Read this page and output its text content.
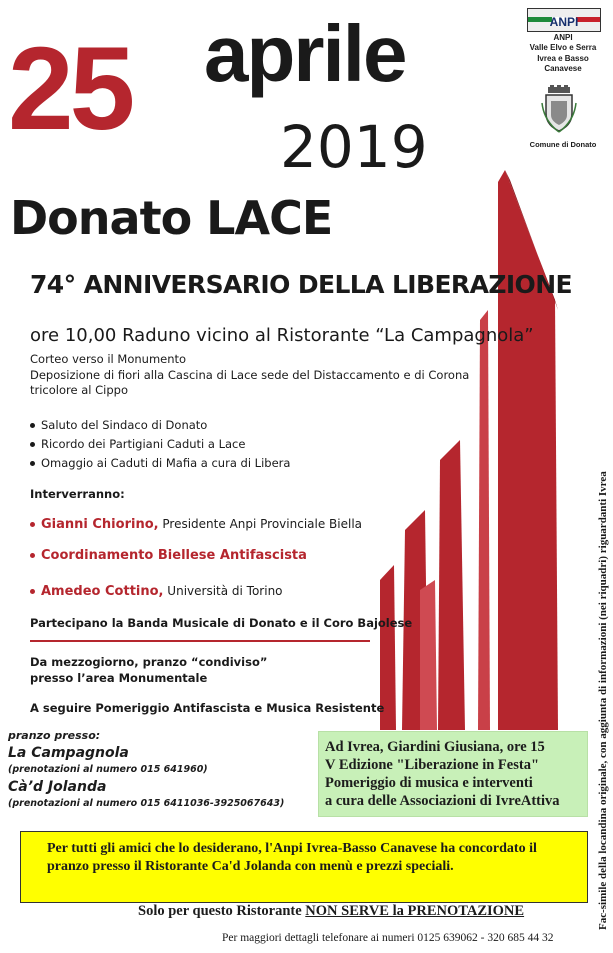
ANPI
ANPI
Valle Elvo e Serra
Ivrea e Basso Canavese
Comune di Donato
25 aprile
2019
Donato LACE
74° ANNIVERSARIO DELLA LIBERAZIONE
ore 10,00 Raduno vicino al Ristorante “La Campagnola”
Corteo verso il Monumento
Deposizione di fiori alla Cascina di Lace sede del Distaccamento e di Corona tricolore al Cippo
Saluto del Sindaco di Donato
Ricordo dei Partigiani Caduti a Lace
Omaggio ai Caduti di Mafia a cura di Libera
Interverranno:
Gianni Chiorino, Presidente Anpi Provinciale Biella
Coordinamento Biellese Antifascista
Amedeo Cottino, Università di Torino
Partecipano la Banda Musicale di Donato e il Coro Bajolese
Da mezzogiorno, pranzo “condiviso”
presso l’area Monumentale
A seguire Pomeriggio Antifascista e Musica Resistente
pranzo presso:
La Campagnola
(prenotazioni al numero 015 641960)
Cà’d Jolanda
(prenotazioni al numero 015 6411036-3925067643)
Ad Ivrea, Giardini Giusiana, ore 15
V Edizione "Liberazione in Festa"
Pomeriggio di musica e interventi
a cura delle Associazioni di IvreAttiva
Per tutti gli amici che lo desiderano, l'Anpi Ivrea-Basso Canavese ha concordato il pranzo presso il Ristorante Ca'd Jolanda con menù e prezzi speciali.
Solo per questo Ristorante NON SERVE la PRENOTAZIONE
Per maggiori dettagli telefonare ai numeri 0125 639062 - 320 685 44 32
Fac-simile della locandina originale, con aggiunta di informazioni (nei riquadri) riguardanti Ivrea
